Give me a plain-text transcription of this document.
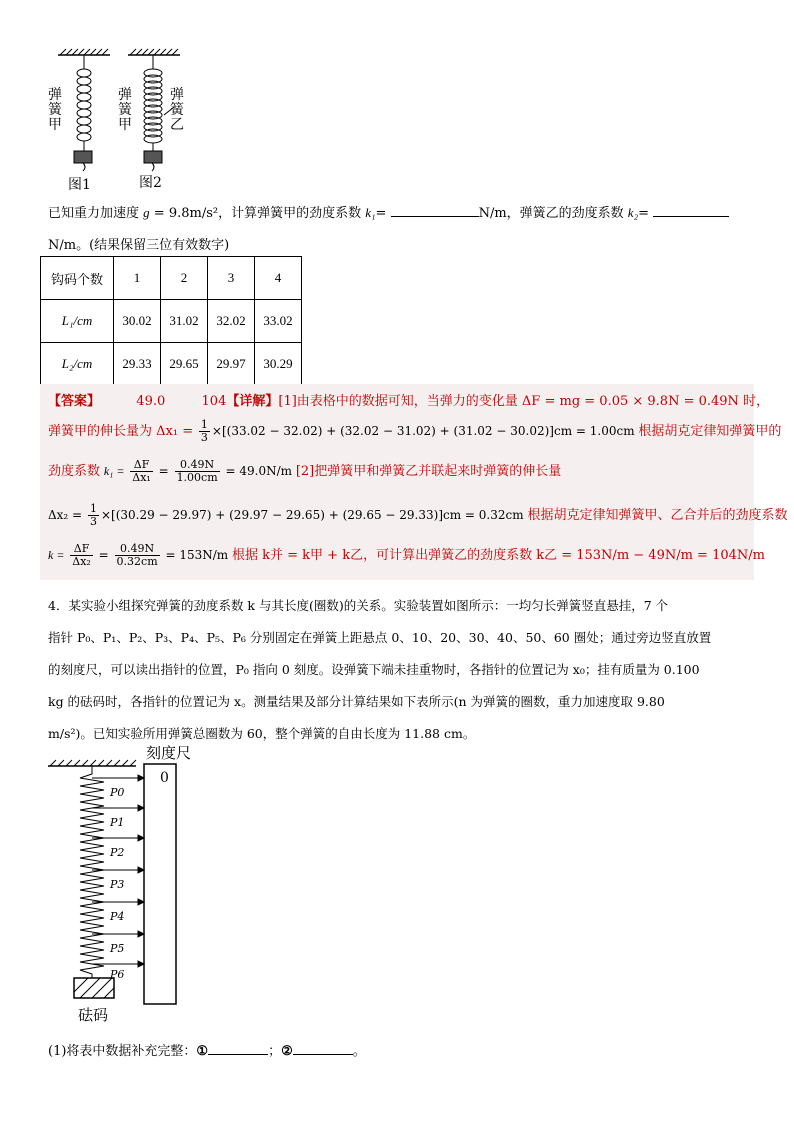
弹簧甲
弹簧甲
弹簧乙
图1	图2
已知重力加速度 g = 9.8m/s²，计算弹簧甲的劲度系数 k₁=	N/m，弹簧乙的劲度系数 k₂=
N/m。(结果保留三位有效数字)
钩码个数	1	2	3	4
L₁/cm	30.02	31.02	32.02	33.02
L₂/cm	29.33	29.65	29.97	30.29
【答案】	49.0	104【详解】[1]由表格中的数据可知，当弹力的变化量 ΔF = mg = 0.05 × 9.8N = 0.49N 时，
弹簧甲的伸长量为 $\Delta x_1 = \frac{1}{3} \times[(33.02 - 32.02) + (32.02 - 31.02) + (31.02 - 30.02)]cm = 1.00cm$ 根据胡克定律知弹簧甲的
劲度系数 $k_1 = \frac{\Delta F}{\text{Δx₁}} = \frac{0.49N}{1.00cm} = 49.0N/m$ [2]把弹簧甲和弹簧乙并联起来时弹簧的伸长量
$\Delta x_2 = \frac{1}{3} \times[(30.29 - 29.97) + (29.97 - 29.65) + (29.65 - 29.33)]cm = 0.32cm$ 根据胡克定律知弹簧甲、乙合并后的劲度系数
$k = \frac{\Delta F}{\text{Δx₂}} = \frac{0.49N}{0.32cm} = 153N/m$ 根据 k并 = k甲 + k乙，可计算出弹簧乙的劲度系数 k乙 = 153N/m − 49N/m = 104N/m
4．某实验小组探究弹簧的劲度系数 k 与其长度(圈数)的关系。实验装置如图所示：一均匀长弹簧竖直悬挂，7 个
指针 P₀、P₁、P₂、P₃、P₄、P₅、P₆ 分别固定在弹簧上距悬点 0、10、20、30、40、50、60 圈处；通过旁边竖直放置
的刻度尺，可以读出指针的位置，P₀ 指向 0 刻度。设弹簧下端未挂重物时，各指针的位置记为 x₀；挂有质量为 0.100
kg 的砝码时，各指针的位置记为 x。测量结果及部分计算结果如下表所示(n 为弹簧的圈数，重力加速度取 9.80
m/s²)。已知实验所用弹簧总圈数为 60，整个弹簧的自由长度为 11.88 cm。
刻度尺
0
P0
P1
P2
P3
P4
P5
P6
砝码
(1)将表中数据补充完整：①	；②	。
